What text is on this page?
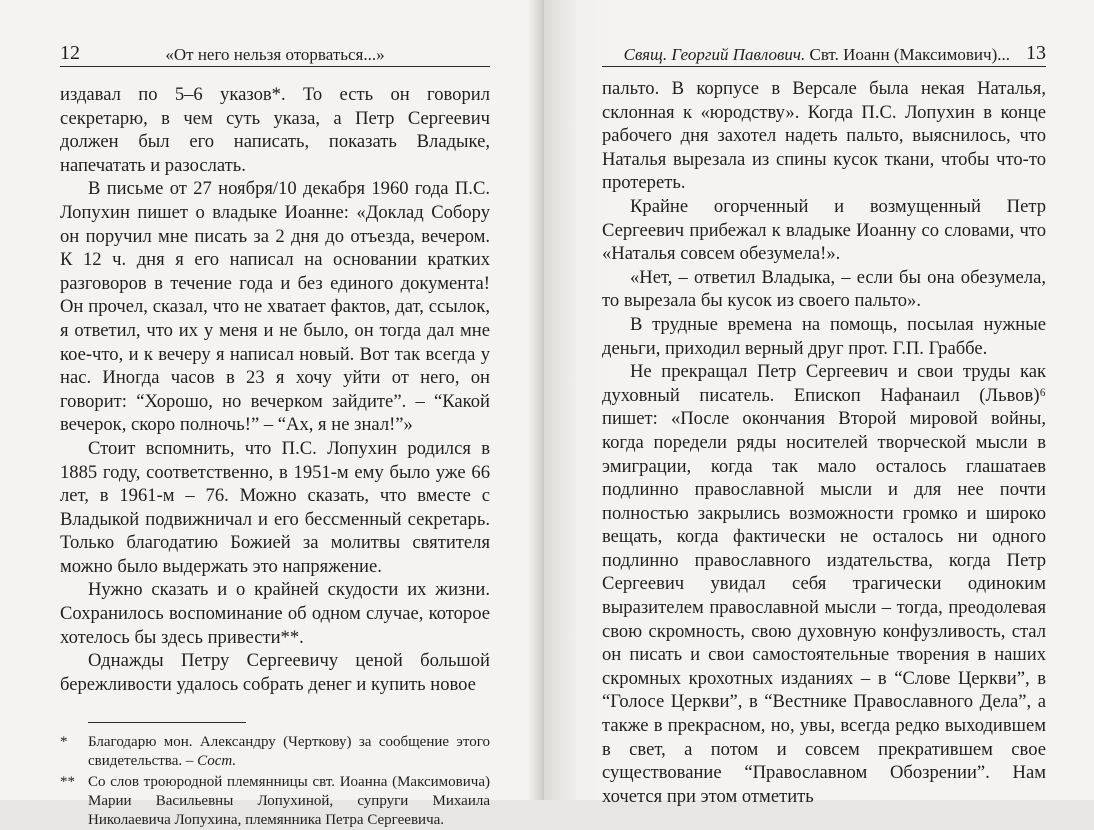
12	«От него нельзя оторваться...»

издавал по 5–6 указов*. То есть он говорил секретарю, в чем суть указа, а Петр Сергеевич должен был его написать, показать Владыке, напечатать и разослать.

В письме от 27 ноября/10 декабря 1960 года П.С. Лопухин пишет о владыке Иоанне: «Доклад Собору он поручил мне писать за 2 дня до отъезда, вечером. К 12 ч. дня я его написал на основании кратких разговоров в течение года и без единого документа! Он прочел, сказал, что не хватает фактов, дат, ссылок, я ответил, что их у меня и не было, он тогда дал мне кое-что, и к вечеру я написал новый. Вот так всегда у нас. Иногда часов в 23 я хочу уйти от него, он говорит: “Хорошо, но вечерком зайдите”. – “Какой вечерок, скоро полночь!” – “Ах, я не знал!”»

Стоит вспомнить, что П.С. Лопухин родился в 1885 году, соответственно, в 1951-м ему было уже 66 лет, в 1961-м – 76. Можно сказать, что вместе с Владыкой подвижничал и его бессменный секретарь. Только благодатию Божией за молитвы святителя можно было выдержать это напряжение.

Нужно сказать и о крайней скудости их жизни. Сохранилось воспоминание об одном случае, которое хотелось бы здесь привести**.

Однажды Петру Сергеевичу ценой большой бережливости удалось собрать денег и купить новое

*	Благодарю мон. Александру (Черткову) за сообщение этого свидетельства. – Сост.
** Со слов троюродной племянницы свт. Иоанна (Максимовича) Марии Васильевны Лопухиной, супруги Михаила Николаевича Лопухина, племянника Петра Сергеевича.
Свящ. Георгий Павлович. Свт. Иоанн (Максимович)... 13

пальто. В корпусе в Версале была некая Наталья, склонная к «юродству». Когда П.С. Лопухин в конце рабочего дня захотел надеть пальто, выяснилось, что Наталья вырезала из спины кусок ткани, чтобы что-то протереть.

Крайне огорченный и возмущенный Петр Сергеевич прибежал к владыке Иоанну со словами, что «Наталья совсем обезумела!».

«Нет, – ответил Владыка, – если бы она обезумела, то вырезала бы кусок из своего пальто».

В трудные времена на помощь, посылая нужные деньги, приходил верный друг прот. Г.П. Граббе.

Не прекращал Петр Сергеевич и свои труды как духовный писатель. Епископ Нафанаил (Львов)⁶ пишет: «После окончания Второй мировой войны, когда поредели ряды носителей творческой мысли в эмиграции, когда так мало осталось глашатаев подлинно православной мысли и для нее почти полностью закрылись возможности громко и широко вещать, когда фактически не осталось ни одного подлинно православного издательства, когда Петр Сергеевич увидал себя трагически одиноким выразителем православной мысли – тогда, преодолевая свою скромность, свою духовную конфузливость, стал он писать и свои самостоятельные творения в наших скромных крохотных изданиях – в “Слове Церкви”, в “Голосе Церкви”, в “Вестнике Православного Дела”, а также в прекрасном, но, увы, всегда редко выходившем в свет, а потом и совсем прекратившем свое существование “Православном Обозрении”. Нам хочется при этом отметить
